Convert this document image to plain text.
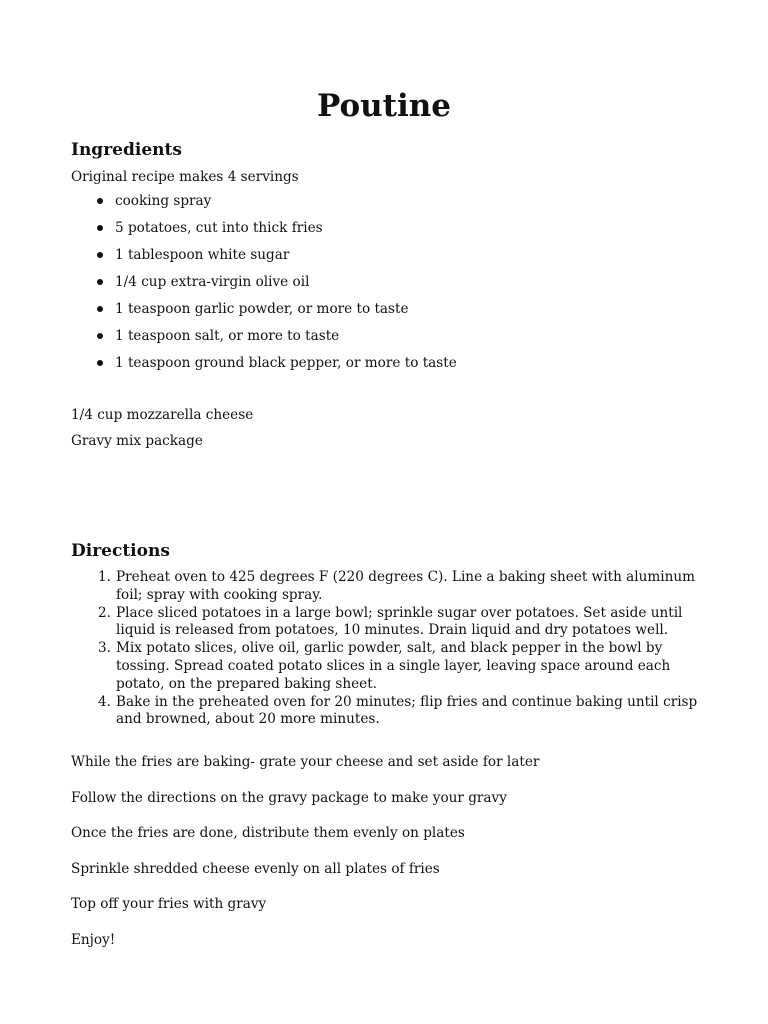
Poutine
Ingredients
Original recipe makes 4 servings
cooking spray
5 potatoes, cut into thick fries
1 tablespoon white sugar
1/4 cup extra-virgin olive oil
1 teaspoon garlic powder, or more to taste
1 teaspoon salt, or more to taste
1 teaspoon ground black pepper, or more to taste
1/4 cup mozzarella cheese
Gravy mix package
Directions
1. Preheat oven to 425 degrees F (220 degrees C). Line a baking sheet with aluminum foil; spray with cooking spray.
2. Place sliced potatoes in a large bowl; sprinkle sugar over potatoes. Set aside until liquid is released from potatoes, 10 minutes. Drain liquid and dry potatoes well.
3. Mix potato slices, olive oil, garlic powder, salt, and black pepper in the bowl by tossing. Spread coated potato slices in a single layer, leaving space around each potato, on the prepared baking sheet.
4. Bake in the preheated oven for 20 minutes; flip fries and continue baking until crisp and browned, about 20 more minutes.
While the fries are baking- grate your cheese and set aside for later
Follow the directions on the gravy package to make your gravy
Once the fries are done, distribute them evenly on plates
Sprinkle shredded cheese evenly on all plates of fries
Top off your fries with gravy
Enjoy!
